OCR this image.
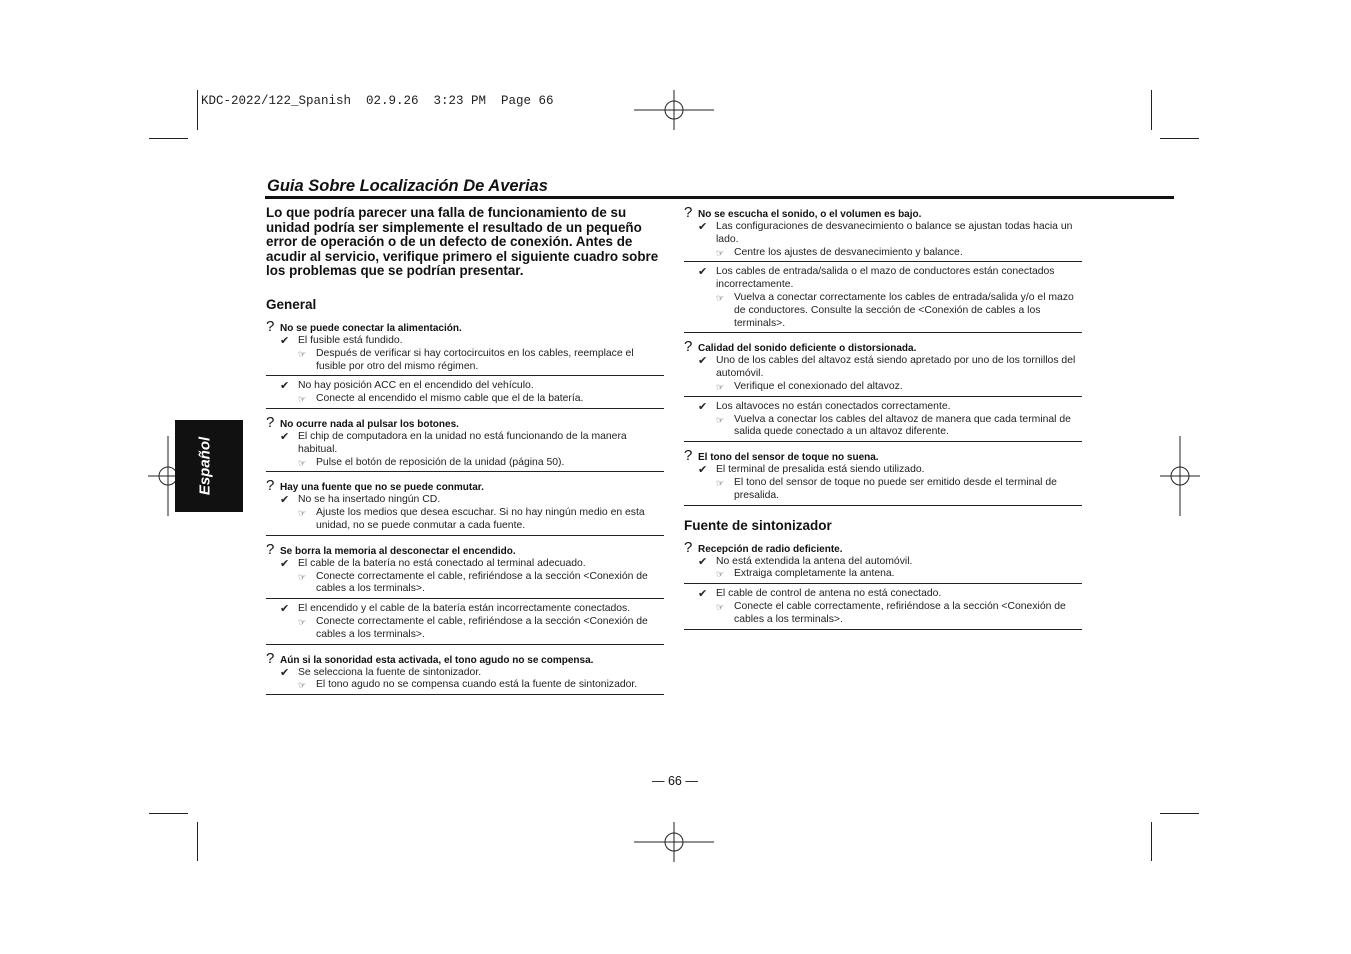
KDC-2022/122_Spanish  02.9.26  3:23 PM  Page 66
Guia Sobre Localización De Averias
Español

Lo que podría parecer una falla de funcionamiento de su unidad podría ser simplemente el resultado de un pequeño error de operación o de un defecto de conexión. Antes de acudir al servicio, verifique primero el siguiente cuadro sobre los problemas que se podrían presentar.

General
? No se puede conectar la alimentación.
✔ El fusible está fundido.
☞ Después de verificar si hay cortocircuitos en los cables, reemplace el fusible por otro del mismo régimen.
✔ No hay posición ACC en el encendido del vehículo.
☞ Conecte al encendido el mismo cable que el de la batería.
? No ocurre nada al pulsar los botones.
✔ El chip de computadora en la unidad no está funcionando de la manera habitual.
☞ Pulse el botón de reposición de la unidad (página 50).
? Hay una fuente que no se puede conmutar.
✔ No se ha insertado ningún CD.
☞ Ajuste los medios que desea escuchar. Si no hay ningún medio en esta unidad, no se puede conmutar a cada fuente.
? Se borra la memoria al desconectar el encendido.
✔ El cable de la batería no está conectado al terminal adecuado.
☞ Conecte correctamente el cable, refiriéndose a la sección <Conexión de cables a los terminals>.
✔ El encendido y el cable de la batería están incorrectamente conectados.
☞ Conecte correctamente el cable, refiriéndose a la sección <Conexión de cables a los terminals>.
? Aún si la sonoridad esta activada, el tono agudo no se compensa.
✔ Se selecciona la fuente de sintonizador.
☞ El tono agudo no se compensa cuando está la fuente de sintonizador.
? No se escucha el sonido, o el volumen es bajo.
✔ Las configuraciones de desvanecimiento o balance se ajustan todas hacia un lado.
☞ Centre los ajustes de desvanecimiento y balance.
✔ Los cables de entrada/salida o el mazo de conductores están conectados incorrectamente.
☞ Vuelva a conectar correctamente los cables de entrada/salida y/o el mazo de conductores. Consulte la sección de <Conexión de cables a los terminals>.
? Calidad del sonido deficiente o distorsionada.
✔ Uno de los cables del altavoz está siendo apretado por uno de los tornillos del automóvil.
☞ Verifique el conexionado del altavoz.
✔ Los altavoces no están conectados correctamente.
☞ Vuelva a conectar los cables del altavoz de manera que cada terminal de salida quede conectado a un altavoz diferente.
? El tono del sensor de toque no suena.
✔ El terminal de presalida está siendo utilizado.
☞ El tono del sensor de toque no puede ser emitido desde el terminal de presalida.
Fuente de sintonizador
? Recepción de radio deficiente.
✔ No está extendida la antena del automóvil.
☞ Extraiga completamente la antena.
✔ El cable de control de antena no está conectado.
☞ Conecte el cable correctamente, refiriéndose a la sección <Conexión de cables a los terminals>.
— 66 —
